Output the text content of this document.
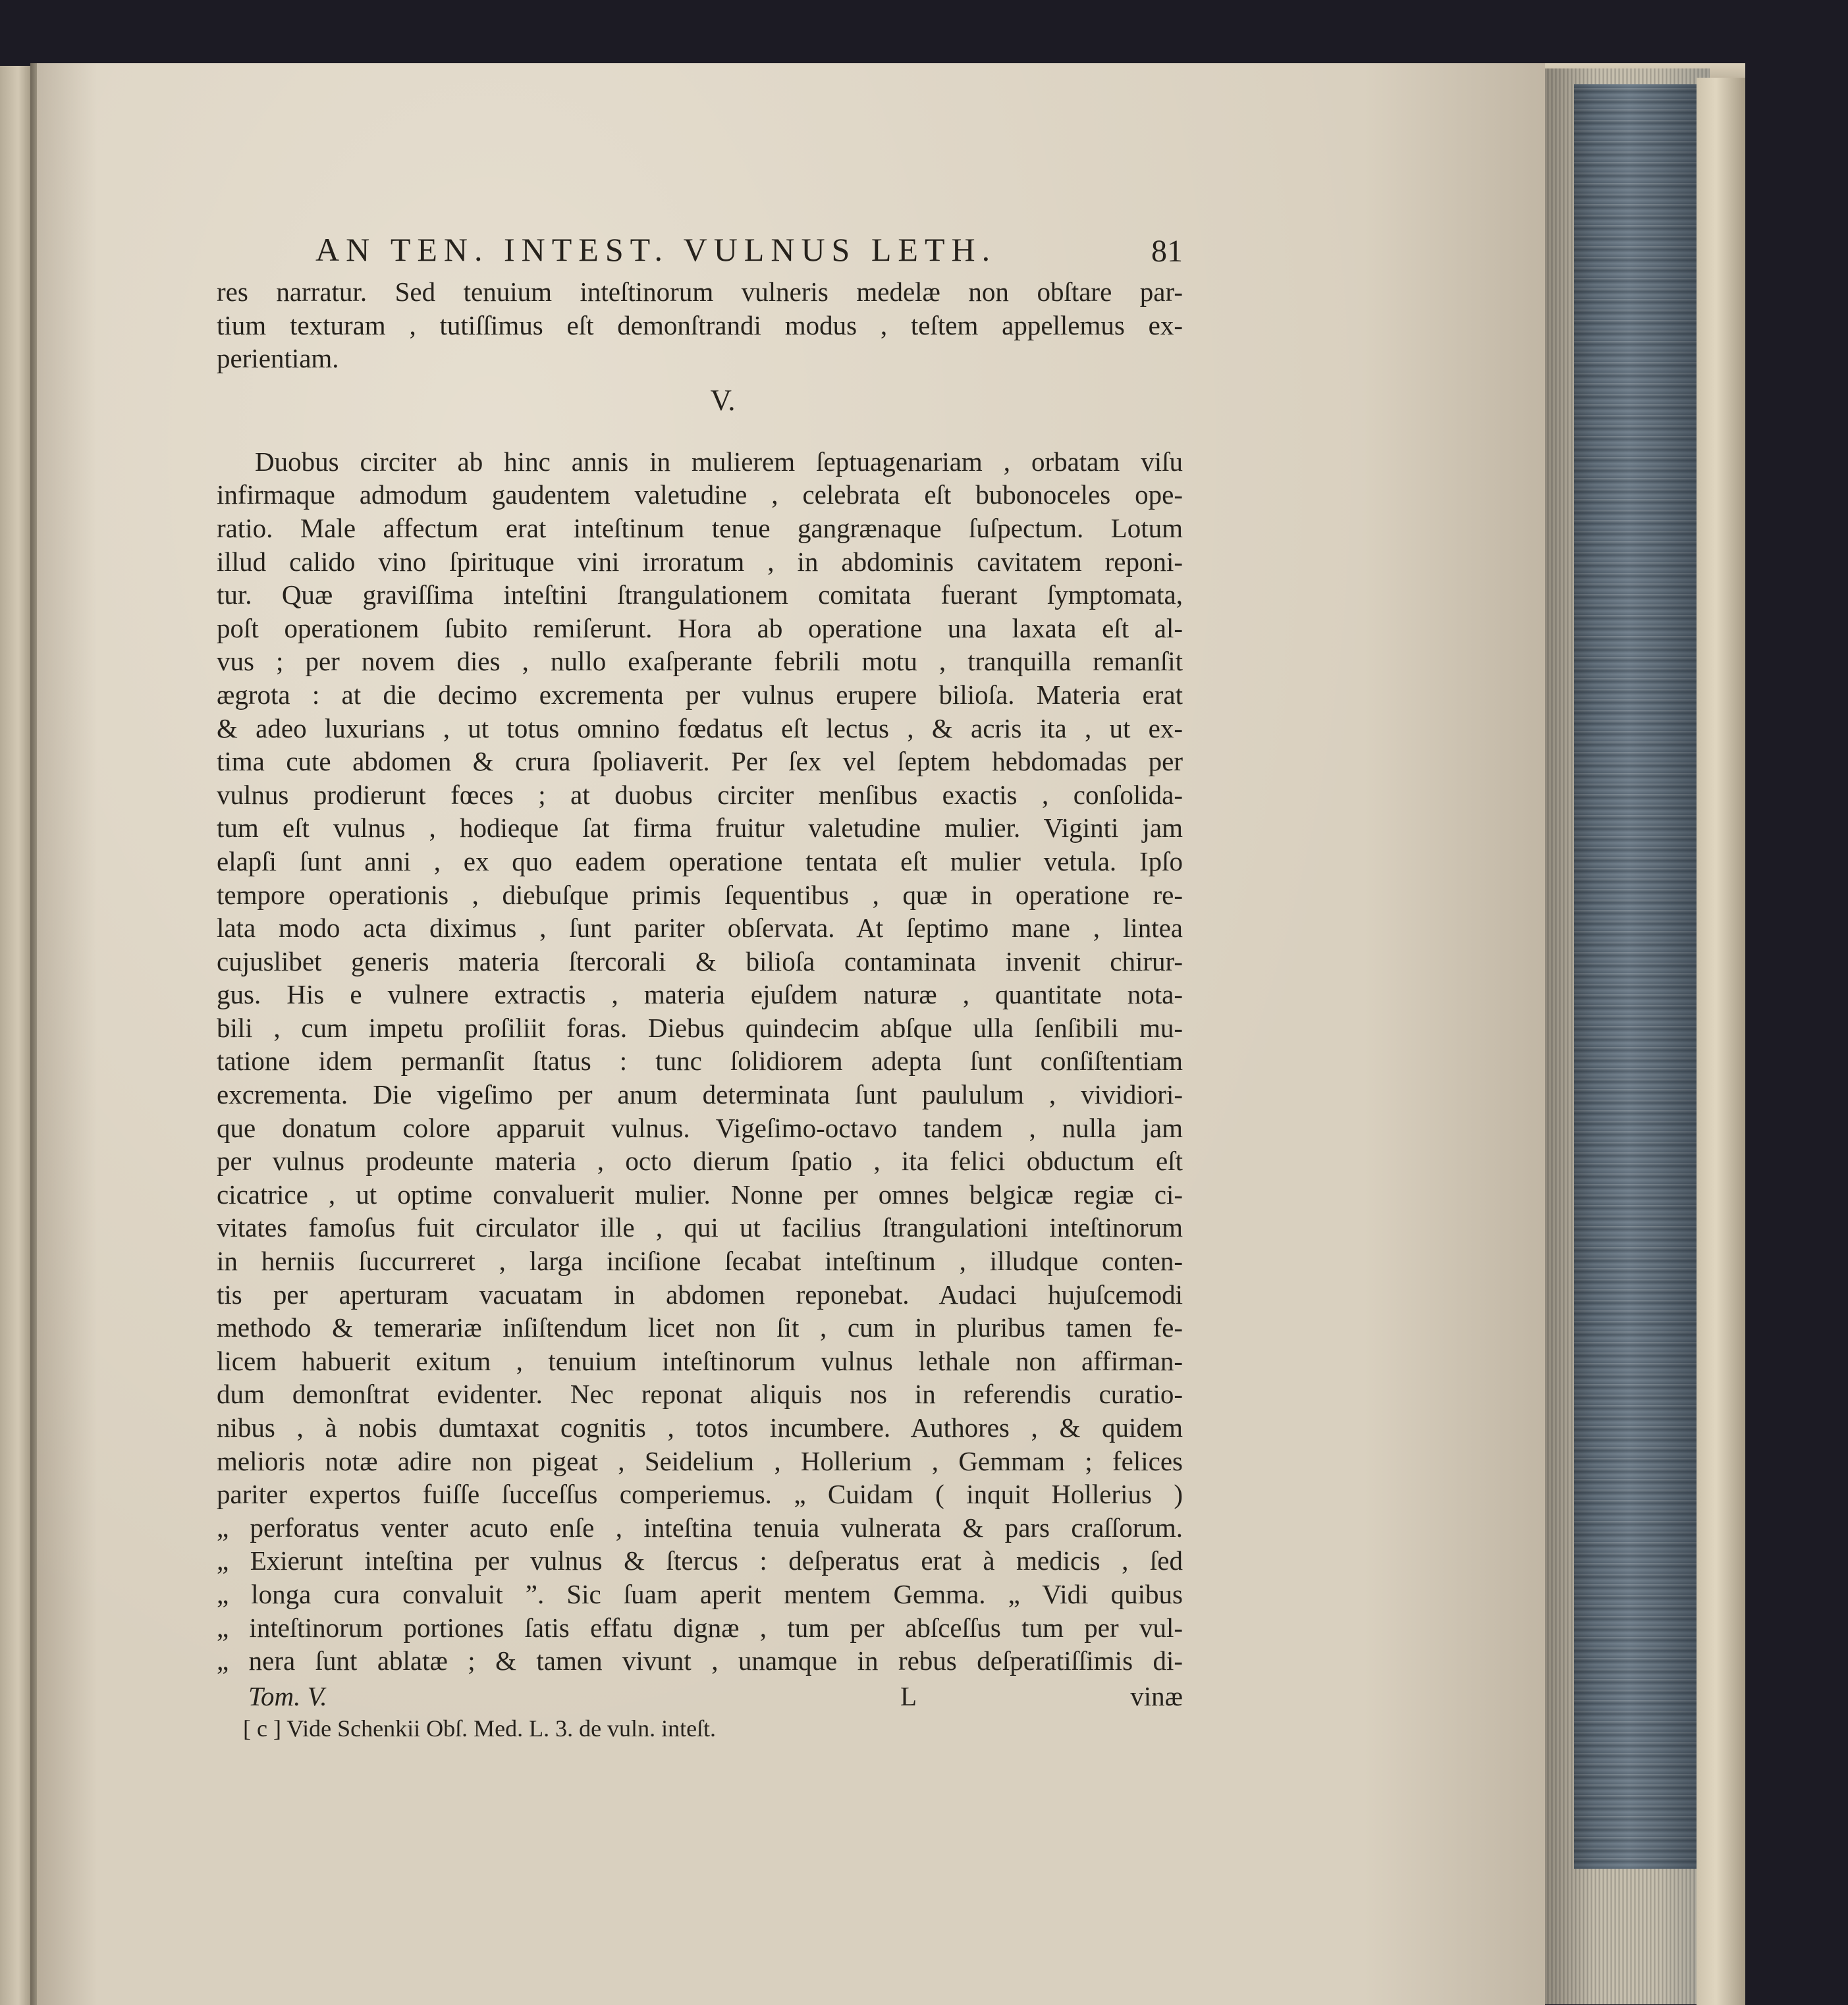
AN TEN. INTEST. VULNUS LETH.	81
res narratur. Sed tenuium inteſtinorum vulneris medelæ non obſtare par-
tium texturam , tutiſſimus eſt demonſtrandi modus , teſtem appellemus ex-
perientiam.
V.
Duobus circiter ab hinc annis in mulierem ſeptuagenariam , orbatam viſu
infirmaque admodum gaudentem valetudine , celebrata eſt bubonoceles ope-
ratio. Male affectum erat inteſtinum tenue gangrænaque ſuſpectum. Lotum
illud calido vino ſpirituque vini irroratum , in abdominis cavitatem reponi-
tur. Quæ graviſſima inteſtini ſtrangulationem comitata fuerant ſymptomata,
poſt operationem ſubito remiſerunt. Hora ab operatione una laxata eſt al-
vus ; per novem dies , nullo exaſperante febrili motu , tranquilla remanſit
ægrota : at die decimo excrementa per vulnus erupere bilioſa. Materia erat
& adeo luxurians , ut totus omnino fœdatus eſt lectus , & acris ita , ut ex-
tima cute abdomen & crura ſpoliaverit. Per ſex vel ſeptem hebdomadas per
vulnus prodierunt fœces ; at duobus circiter menſibus exactis , conſolida-
tum eſt vulnus , hodieque ſat firma fruitur valetudine mulier. Viginti jam
elapſi ſunt anni , ex quo eadem operatione tentata eſt mulier vetula. Ipſo
tempore operationis , diebuſque primis ſequentibus , quæ in operatione re-
lata modo acta diximus , ſunt pariter obſervata. At ſeptimo mane , lintea
cujuslibet generis materia ſtercorali & bilioſa contaminata invenit chirur-
gus. His e vulnere extractis , materia ejuſdem naturæ , quantitate nota-
bili , cum impetu proſiliit foras. Diebus quindecim abſque ulla ſenſibili mu-
tatione idem permanſit ſtatus : tunc ſolidiorem adepta ſunt conſiſtentiam
excrementa. Die vigeſimo per anum determinata ſunt paululum , vividiori-
que donatum colore apparuit vulnus. Vigeſimo-octavo tandem , nulla jam
per vulnus prodeunte materia , octo dierum ſpatio , ita felici obductum eſt
cicatrice , ut optime convaluerit mulier. Nonne per omnes belgicæ regiæ ci-
vitates famoſus fuit circulator ille , qui ut facilius ſtrangulationi inteſtinorum
in herniis ſuccurreret , larga inciſione ſecabat inteſtinum , illudque conten-
tis per aperturam vacuatam in abdomen reponebat. Audaci hujuſcemodi
methodo & temerariæ inſiſtendum licet non ſit , cum in pluribus tamen fe-
licem habuerit exitum , tenuium inteſtinorum vulnus lethale non affirman-
dum demonſtrat evidenter. Nec reponat aliquis nos in referendis curatio-
nibus , à nobis dumtaxat cognitis , totos incumbere. Authores , & quidem
melioris notæ adire non pigeat , Seidelium , Hollerium , Gemmam ; felices
pariter expertos fuiſſe ſucceſſus comperiemus. „ Cuidam ( inquit Hollerius )
„ perforatus venter acuto enſe , inteſtina tenuia vulnerata & pars craſſorum.
„ Exierunt inteſtina per vulnus & ſtercus : deſperatus erat à medicis , ſed
„ longa cura convaluit ”. Sic ſuam aperit mentem Gemma. „ Vidi quibus
„ inteſtinorum portiones ſatis effatu dignæ , tum per abſceſſus tum per vul-
„ nera ſunt ablatæ ; & tamen vivunt , unamque in rebus deſperatiſſimis di-
Tom. V.	L	vinæ
[ c ] Vide Schenkii Obſ. Med. L. 3. de vuln. inteſt.
